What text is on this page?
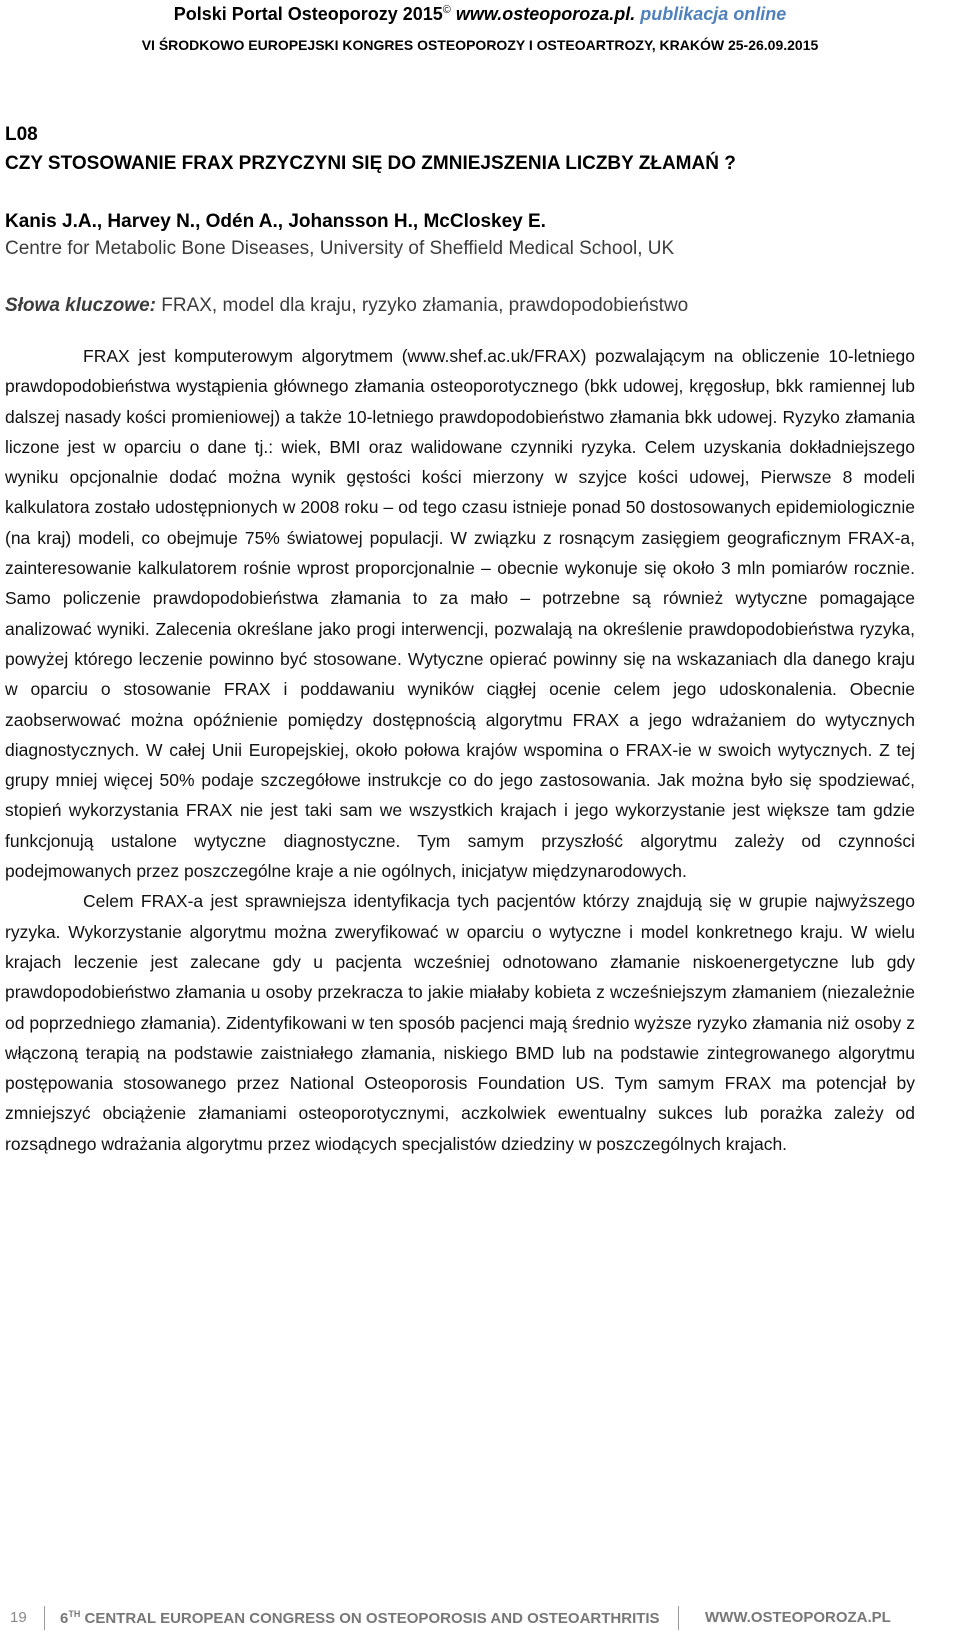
Polski Portal Osteoporozy 2015© www.osteoporoza.pl. publikacja online
VI ŚRODKOWO EUROPEJSKI KONGRES OSTEOPOROZY I OSTEOARTROZY, KRAKÓW 25-26.09.2015
L08
CZY STOSOWANIE FRAX PRZYCZYNI SIĘ DO ZMNIEJSZENIA LICZBY ZŁAMAŃ ?
Kanis J.A., Harvey N., Odén A., Johansson H., McCloskey E.
Centre for Metabolic Bone Diseases, University of Sheffield Medical School, UK
Słowa kluczowe: FRAX, model dla kraju, ryzyko złamania, prawdopodobieństwo

FRAX jest komputerowym algorytmem (www.shef.ac.uk/FRAX) pozwalającym na obliczenie 10-letniego prawdopodobieństwa wystąpienia głównego złamania osteoporotycznego (bkk udowej, kręgosłup, bkk ramiennej lub dalszej nasady kości promieniowej) a także 10-letniego prawdopodobieństwo złamania bkk udowej. Ryzyko złamania liczone jest w oparciu o dane tj.: wiek, BMI oraz walidowane czynniki ryzyka. Celem uzyskania dokładniejszego wyniku opcjonalnie dodać można wynik gęstości kości mierzony w szyjce kości udowej, Pierwsze 8 modeli kalkulatora zostało udostępnionych w 2008 roku – od tego czasu istnieje ponad 50 dostosowanych epidemiologicznie (na kraj) modeli, co obejmuje 75% światowej populacji. W związku z rosnącym zasięgiem geograficznym FRAX-a, zainteresowanie kalkulatorem rośnie wprost proporcjonalnie – obecnie wykonuje się około 3 mln pomiarów rocznie. Samo policzenie prawdopodobieństwa złamania to za mało – potrzebne są również wytyczne pomagające analizować wyniki. Zalecenia określane jako progi interwencji, pozwalają na określenie prawdopodobieństwa ryzyka, powyżej którego leczenie powinno być stosowane. Wytyczne opierać powinny się na wskazaniach dla danego kraju w oparciu o stosowanie FRAX i poddawaniu wyników ciągłej ocenie celem jego udoskonalenia. Obecnie zaobserwować można opóźnienie pomiędzy dostępnością algorytmu FRAX a jego wdrażaniem do wytycznych diagnostycznych. W całej Unii Europejskiej, około połowa krajów wspomina o FRAX-ie w swoich wytycznych. Z tej grupy mniej więcej 50% podaje szczegółowe instrukcje co do jego zastosowania. Jak można było się spodziewać, stopień wykorzystania FRAX nie jest taki sam we wszystkich krajach i jego wykorzystanie jest większe tam gdzie funkcjonują ustalone wytyczne diagnostyczne. Tym samym przyszłość algorytmu zależy od czynności podejmowanych przez poszczególne kraje a nie ogólnych, inicjatyw międzynarodowych.

Celem FRAX-a jest sprawniejsza identyfikacja tych pacjentów którzy znajdują się w grupie najwyższego ryzyka. Wykorzystanie algorytmu można zweryfikować w oparciu o wytyczne i model konkretnego kraju. W wielu krajach leczenie jest zalecane gdy u pacjenta wcześniej odnotowano złamanie niskoenergetyczne lub gdy prawdopodobieństwo złamania u osoby przekracza to jakie miałaby kobieta z wcześniejszym złamaniem (niezależnie od poprzedniego złamania). Zidentyfikowani w ten sposób pacjenci mają średnio wyższe ryzyko złamania niż osoby z włączoną terapią na podstawie zaistniałego złamania, niskiego BMD lub na podstawie zintegrowanego algorytmu postępowania stosowanego przez National Osteoporosis Foundation US. Tym samym FRAX ma potencjał by zmniejszyć obciążenie złamaniami osteoporotycznymi, aczkolwiek ewentualny sukces lub porażka zależy od rozsądnego wdrażania algorytmu przez wiodących specjalistów dziedziny w poszczególnych krajach.

19 6TH CENTRAL EUROPEAN CONGRESS ON OSTEOPOROSIS AND OSTEOARTHRITIS	WWW.OSTEOPOROZA.PL
